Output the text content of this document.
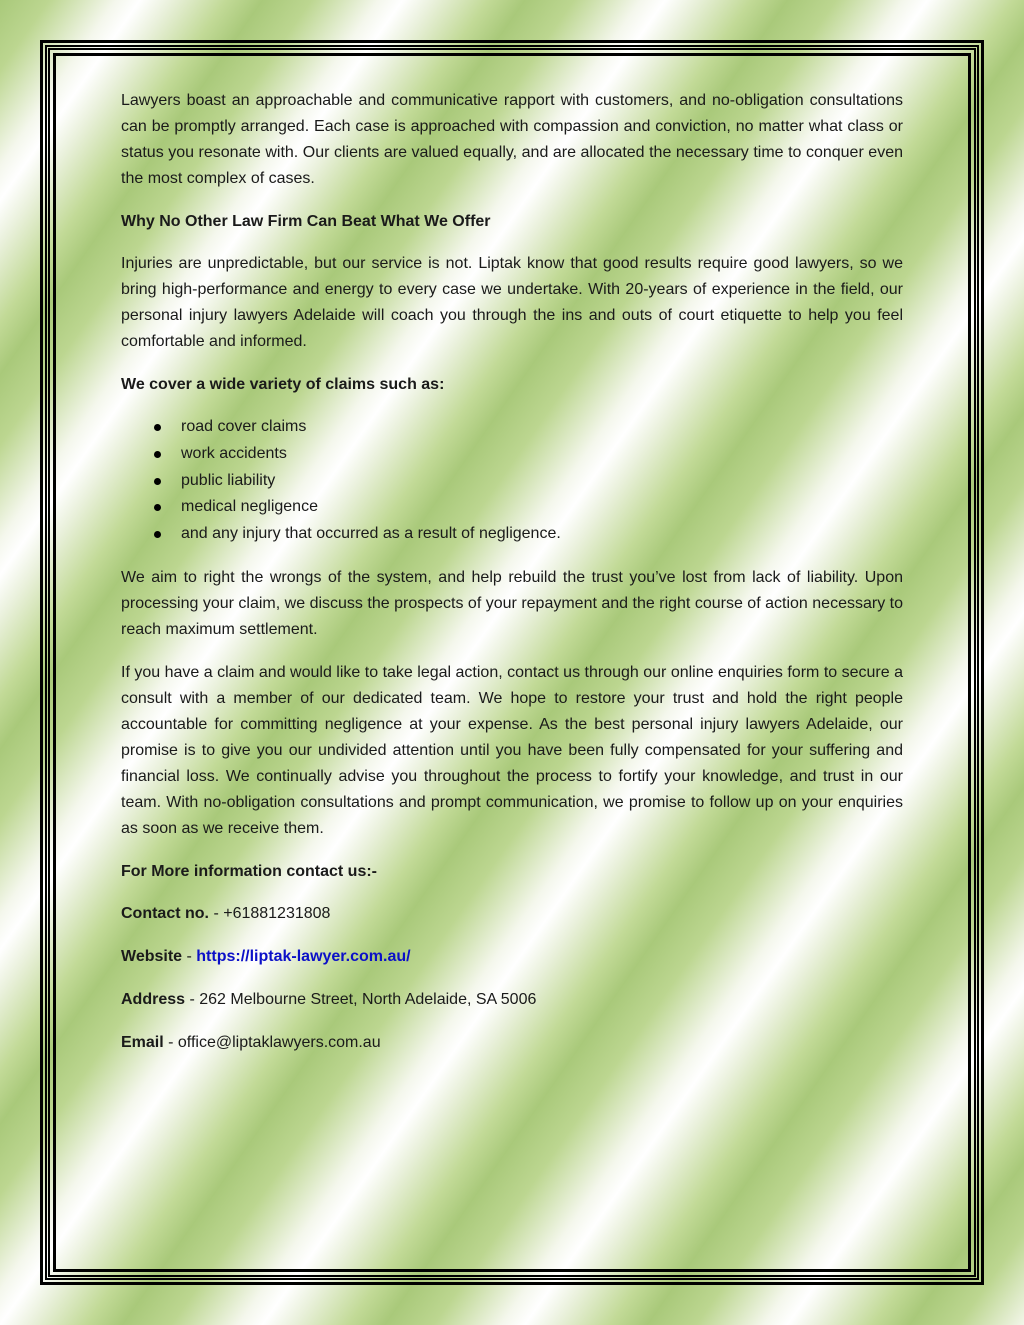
Lawyers boast an approachable and communicative rapport with customers, and no-obligation consultations can be promptly arranged. Each case is approached with compassion and conviction, no matter what class or status you resonate with. Our clients are valued equally, and are allocated the necessary time to conquer even the most complex of cases.

Why No Other Law Firm Can Beat What We Offer

Injuries are unpredictable, but our service is not. Liptak know that good results require good lawyers, so we bring high-performance and energy to every case we undertake. With 20-years of experience in the field, our personal injury lawyers Adelaide will coach you through the ins and outs of court etiquette to help you feel comfortable and informed.

We cover a wide variety of claims such as:

road cover claims
work accidents
public liability
medical negligence
and any injury that occurred as a result of negligence.

We aim to right the wrongs of the system, and help rebuild the trust you’ve lost from lack of liability. Upon processing your claim, we discuss the prospects of your repayment and the right course of action necessary to reach maximum settlement.

If you have a claim and would like to take legal action, contact us through our online enquiries form to secure a consult with a member of our dedicated team. We hope to restore your trust and hold the right people accountable for committing negligence at your expense. As the best personal injury lawyers Adelaide, our promise is to give you our undivided attention until you have been fully compensated for your suffering and financial loss. We continually advise you throughout the process to fortify your knowledge, and trust in our team. With no-obligation consultations and prompt communication, we promise to follow up on your enquiries as soon as we receive them.

For More information contact us:-

Contact no. - +61881231808
Website - https://liptak-lawyer.com.au/
Address - 262 Melbourne Street, North Adelaide, SA 5006
Email - office@liptaklawyers.com.au
